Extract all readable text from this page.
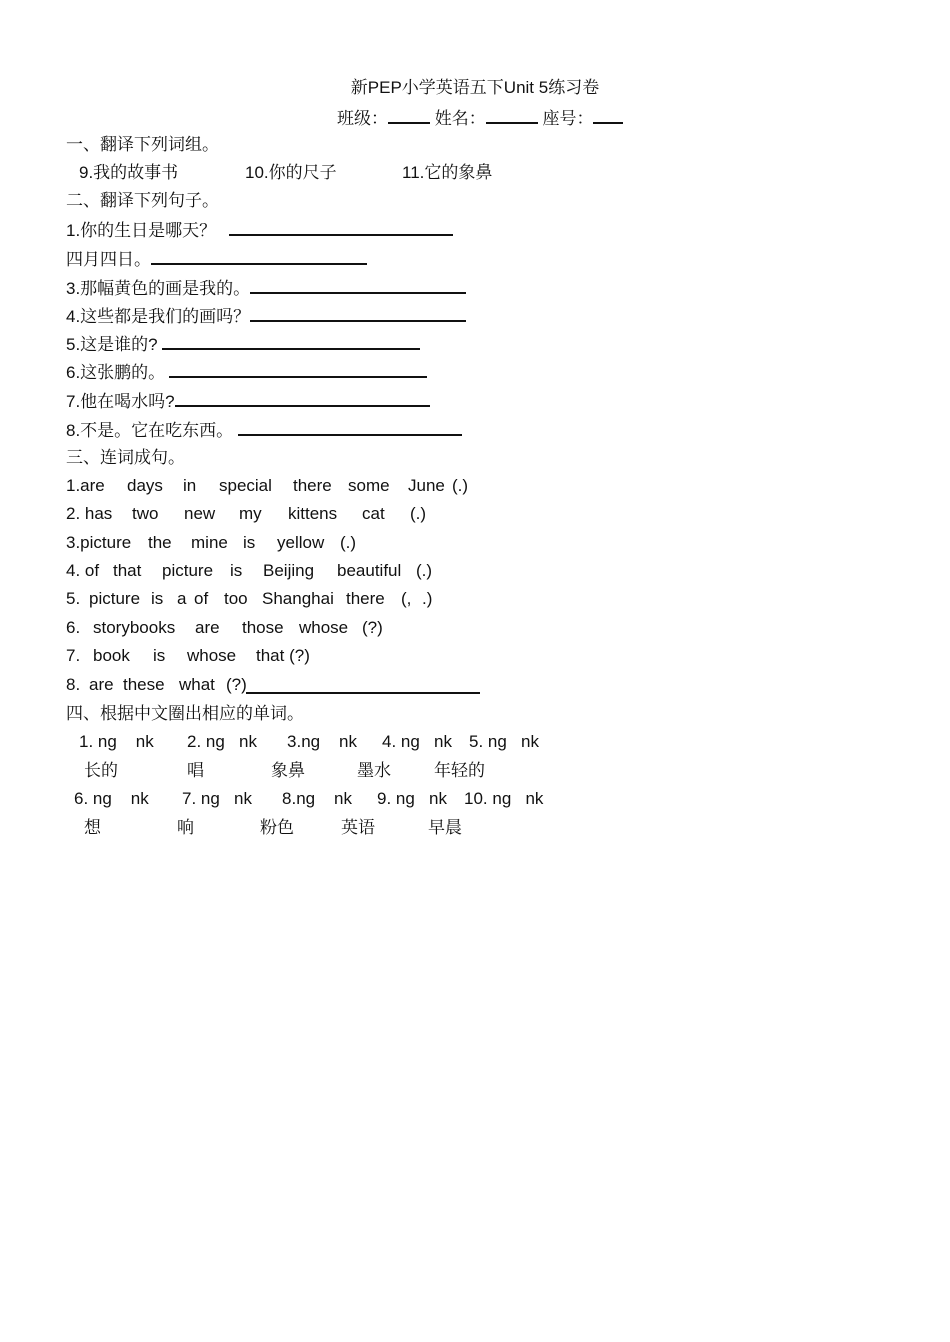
新PEP小学英语五下Unit 5练习卷
班级：	姓名：	座号：
一、翻译下列词组。
9.我的故事书	10.你的尺子	11.它的象鼻
二、翻译下列句子。
1.你的生日是哪天？
四月四日。
3.那幅黄色的画是我的。
4.这些都是我们的画吗？
5.这是谁的?
6.这张鹏的。
7.他在喝水吗?
8.不是。它在吃东西。
三、连词成句。
1.are days in special there some June (.)
2. has two new my kittens cat (.)
3.picture the mine is yellow (.)
4. of that picture is Beijing beautiful (.)
5. picture is a of too Shanghai there (, .)
6. storybooks are those whose (?)
7. book is whose that (?)
8. are these what (?)
四、根据中文圈出相应的单词。
1. ng nk 2. ng nk 3.ng nk 4. ng nk 5. ng nk
长的	唱	象鼻	墨水	年轻的
6. ng nk 7. ng nk 8.ng nk 9. ng nk 10. ng nk
想	响	粉色	英语	早晨
